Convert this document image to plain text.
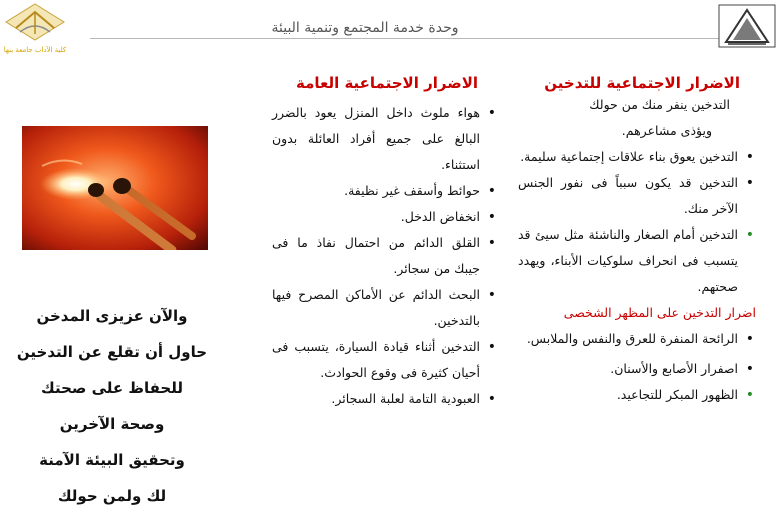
كلية الآداب جامعة بنها
وحدة خدمة المجتمع وتنمية البيئة
الاضرار الاجتماعية للتدخين

التدخين ينفر منك من حولك

ويؤذى مشاعرهم.

• التدخين يعوق بناء علاقات إجتماعية سليمة.
• التدخين قد يكون سبباً فى نفور الجنس الآخر منك.
• التدخين أمام الصغار والناشئة مثل سيئ قد يتسبب فى انحراف سلوكيات الأبناء، ويهدد صحتهم.
اضرار التدخين على المظهر الشخصى
• الرائحة المنفرة للعرق والنفس والملابس.
• اصفرار الأصابع والأسنان.
• الظهور المبكر للتجاعيد.
الاضرار الاجتماعية العامة
• هواء ملوث داخل المنزل يعود بالضرر البالغ على جميع أفراد العائلة بدون استثناء.
• حوائط وأسقف غير نظيفة.
• انخفاض الدخل.
• القلق الدائم من احتمال نفاذ ما فى جيبك من سجائر.
• البحث الدائم عن الأماكن المصرح فيها بالتدخين.
• التدخين أثناء قيادة السيارة، يتسبب فى أحيان كثيرة فى وقوع الحوادث.
• العبودية التامة لعلبة السجائر.
والآن عزيزى المدخن
حاول أن تقلع عن التدخين
للحفاظ على صحتك
وصحة الآخرين
وتحقيق البيئة الآمنة
لك ولمن حولك
